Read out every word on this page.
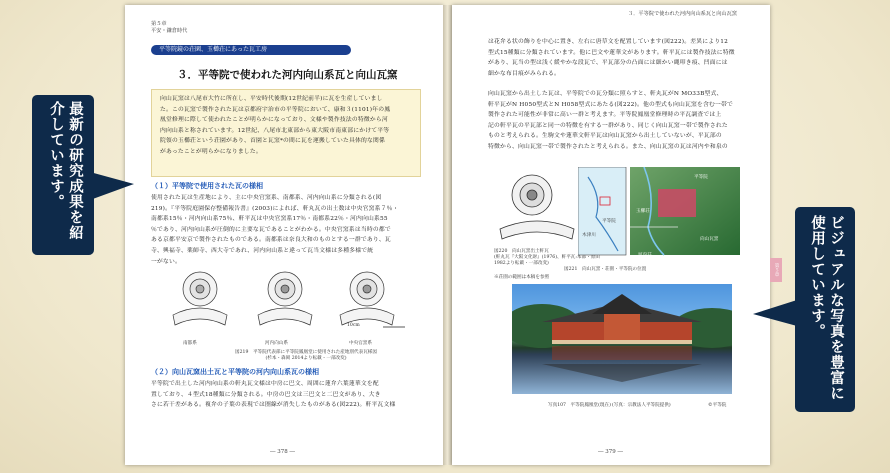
第５章
平安・鎌倉時代
平等院鏡の荘園、玉櫛荘にあった瓦工房
３．平等院で使われた河内向山系瓦と向山瓦窯
向山瓦窯は八尾市大竹に所在し、平安時代後期(12世紀前半)に瓦を生産していまし
た。この瓦窯で製作された瓦は京都府宇治市の平等院において、康和３(1101)年の鳳
凰堂修理に際して使われたことが明らかになっており、文様や製作技法の特徴から河
内向山系と称されています。12世紀、八尾市北東部から東大阪市南東部にかけて平等
院領の玉櫛荘という荘園があり、首園と瓦窯*の間に瓦を運搬していた具体的な関係
があったことが明らかになりました。
（１）平等院で使用された瓦の様相
使用された瓦は生産地により、主に中央官窯系、南都系、河内向山系に分類される(図
219)。『平等院庭園保存整備報告書』(2003)によれば、軒丸瓦の出土数は中央官窯系７％・
南都系15％・河内向山系75％、軒平瓦は中央官窯系17％・南都系22％・河内向山系55
％であり、河内向山系が圧倒的に主要な瓦であることがわかる。中央官窯系は当時の都で
ある京都平安京で製作されたものである。南都系は奈良大和のものとする一群であり、瓦
寺、興福寺、薬師寺、西大寺であれ、河内向山系と違って瓦当文様は多種多様で統
一がない。
10cm
南都系	河内向山系	中央官窯系
図219　平等院代表部に平等院鳳凰堂に使用された産地別代表瓦様図
(杉本・森岡 2014より転載・一部改変)
（２）向山瓦窯出土瓦と平等院の河内向山系瓦の様相
平等院で出土した河内向山系の軒丸瓦文様は中房に巴文、周囲に蓮弁六葉蓮華文を配
置しており、４型式18種類に分類される。中房の巴文は三巴文と二巴文があり、大き
さに若干差がある。複弁の子葉の表現では圏線が消失したものがある(図222)。軒平瓦文様
― 378 ―
３．平等院で使われた河内向山系瓦と向山瓦窯
は花弁る状の飾りを中心に置き、左右に唐草文を配置しています(図222)。差異により12
型式15種類に分類されています。他に巴文や蓮華文があります。軒平瓦には製作技法に特徴
があり、瓦当の型は浅く緩やかな段瓦で、平瓦部分の凸面には細かい縄叩き痕、凹面には
細かな布目痕がみられる。
向山瓦窯から出土した瓦は、平等院での瓦分類に照らすと、軒丸瓦がN MO33B型式、
軒平瓦がN H050型式とN H058型式にあたる(図222)。他の型式も向山瓦窯を含む一帯で
製作された可能性が非常に高い一群と考えます。平等院鳳凰堂修理時の平瓦調査では上
記の軒平瓦の平瓦部と同一の特徴を有する一群があり、同じく向山瓦窯一帯で製作された
ものと考えられる。生駒文や蓮華文軒平瓦は向山瓦窯から出土していないが、平瓦部の
特徴から、向山瓦窯一帯で製作されたと考えられる。また、向山瓦窯の瓦は河内や和泉の
図220　向山瓦窯出土軒瓦
(軒丸瓦『大阪文化財』(1976)、軒平瓦:本部・原田 1982より転載・一部改変)
平等院
玉櫛荘
向山瓦窯
河内荘
木津川
平等院
図221　向山瓦窯・荘園・平等院の位置
※荘園の範囲は本稿を参照
写真107　平等院鳳凰堂(現在) (写真：宗教法人平等院提供)	©平等院
― 379 ―
第５章
最新の研究成果を紹介しています。
ビジュアルな写真を豊富に使用しています。
